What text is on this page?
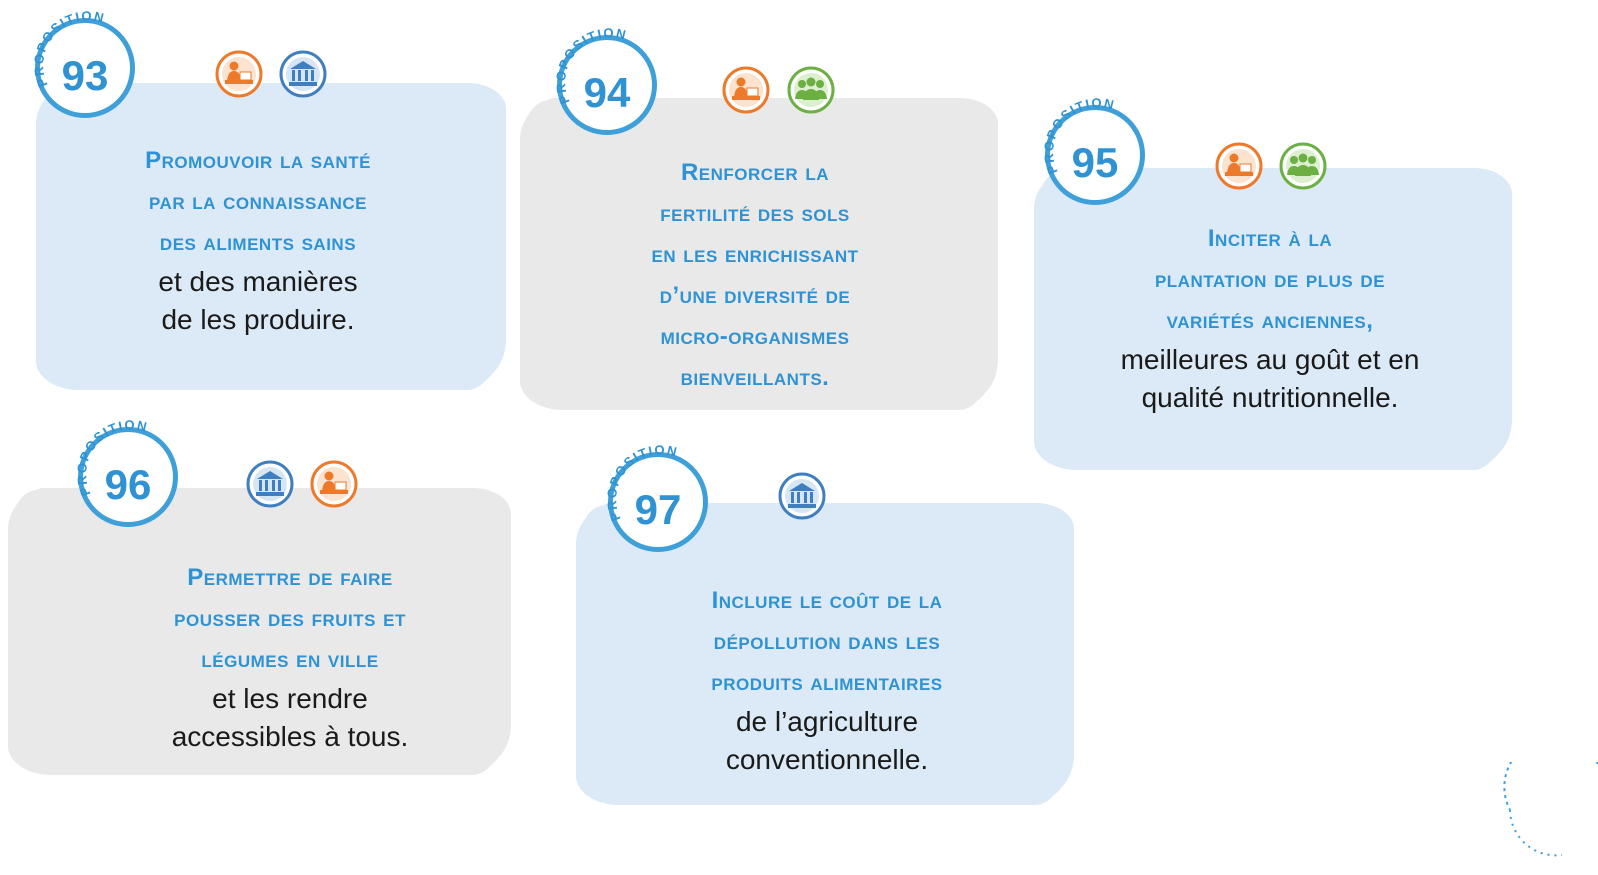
PROPOSITION
93
Promouvoir la santé
par la connaissance
des aliments sains
et des manières
de les produire.
PROPOSITION
94
Renforcer la
fertilité des sols
en les enrichissant
d’une diversité de
micro-organismes
bienveillants.
PROPOSITION
95
Inciter à la
plantation de plus de
variétés anciennes,
meilleures au goût et en
qualité nutritionnelle.
PROPOSITION
96
Permettre de faire
pousser des fruits et
légumes en ville
et les rendre
accessibles à tous.
PROPOSITION
97
Inclure le coût de la
dépollution dans les
produits alimentaires
de l’agriculture
conventionnelle.
